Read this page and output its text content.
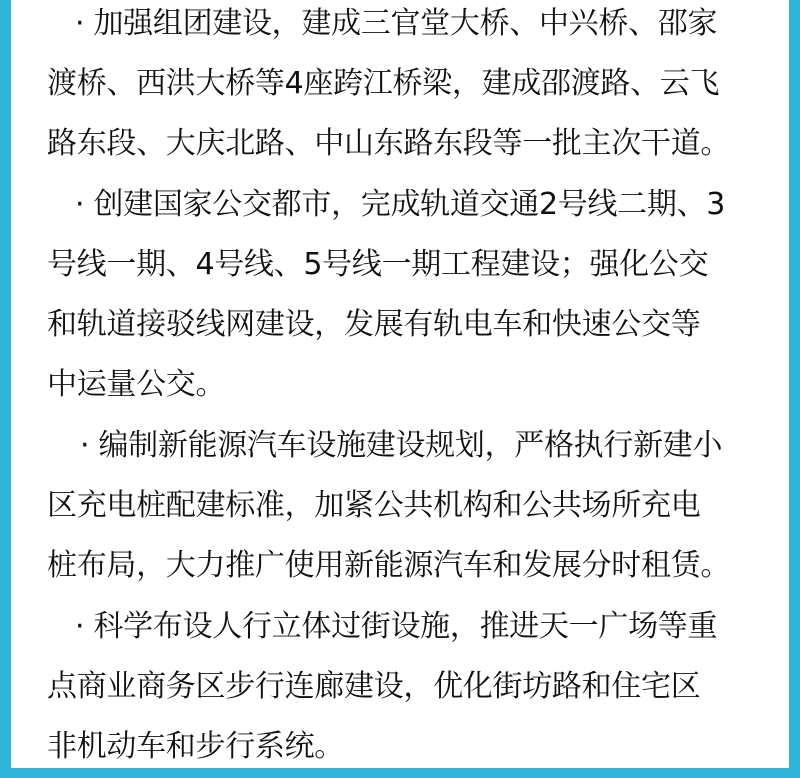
· 加强组团建设，建成三官堂大桥、中兴桥、邵家
渡桥、西洪大桥等4座跨江桥梁，建成邵渡路、云飞
路东段、大庆北路、中山东路东段等一批主次干道。
· 创建国家公交都市，完成轨道交通2号线二期、3
号线一期、4号线、5号线一期工程建设；强化公交
和轨道接驳线网建设，发展有轨电车和快速公交等
中运量公交。
· 编制新能源汽车设施建设规划，严格执行新建小
区充电桩配建标准，加紧公共机构和公共场所充电
桩布局，大力推广使用新能源汽车和发展分时租赁。
· 科学布设人行立体过街设施，推进天一广场等重
点商业商务区步行连廊建设，优化街坊路和住宅区
非机动车和步行系统。
